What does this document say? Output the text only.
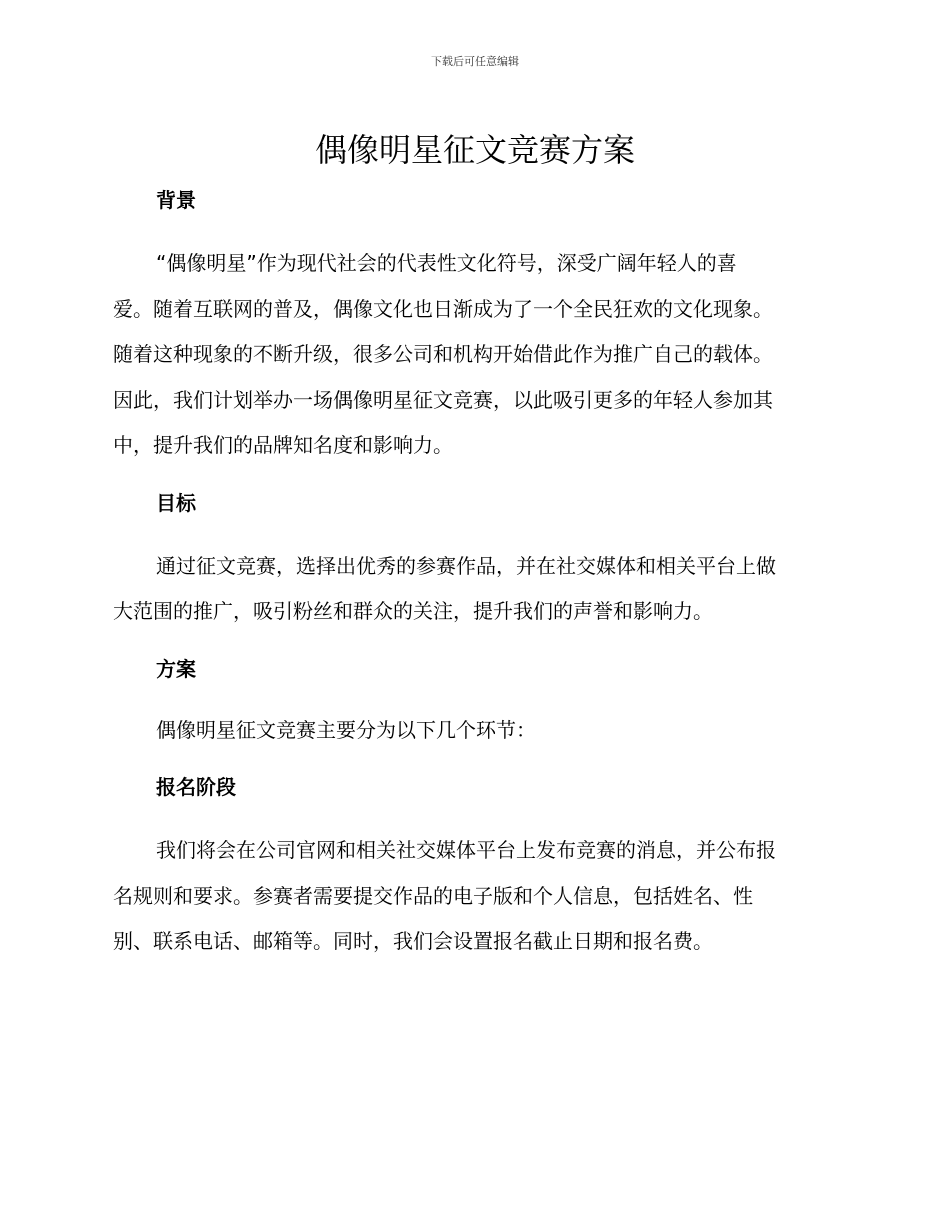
下载后可任意编辑
偶像明星征文竞赛方案
背景
“偶像明星”作为现代社会的代表性文化符号，深受广阔年轻人的喜
爱。随着互联网的普及，偶像文化也日渐成为了一个全民狂欢的文化现象。
随着这种现象的不断升级，很多公司和机构开始借此作为推广自己的载体。
因此，我们计划举办一场偶像明星征文竞赛，以此吸引更多的年轻人参加其
中，提升我们的品牌知名度和影响力。
目标
通过征文竞赛，选择出优秀的参赛作品，并在社交媒体和相关平台上做
大范围的推广，吸引粉丝和群众的关注，提升我们的声誉和影响力。
方案
偶像明星征文竞赛主要分为以下几个环节：
报名阶段
我们将会在公司官网和相关社交媒体平台上发布竞赛的消息，并公布报
名规则和要求。参赛者需要提交作品的电子版和个人信息，包括姓名、性
别、联系电话、邮箱等。同时，我们会设置报名截止日期和报名费。
